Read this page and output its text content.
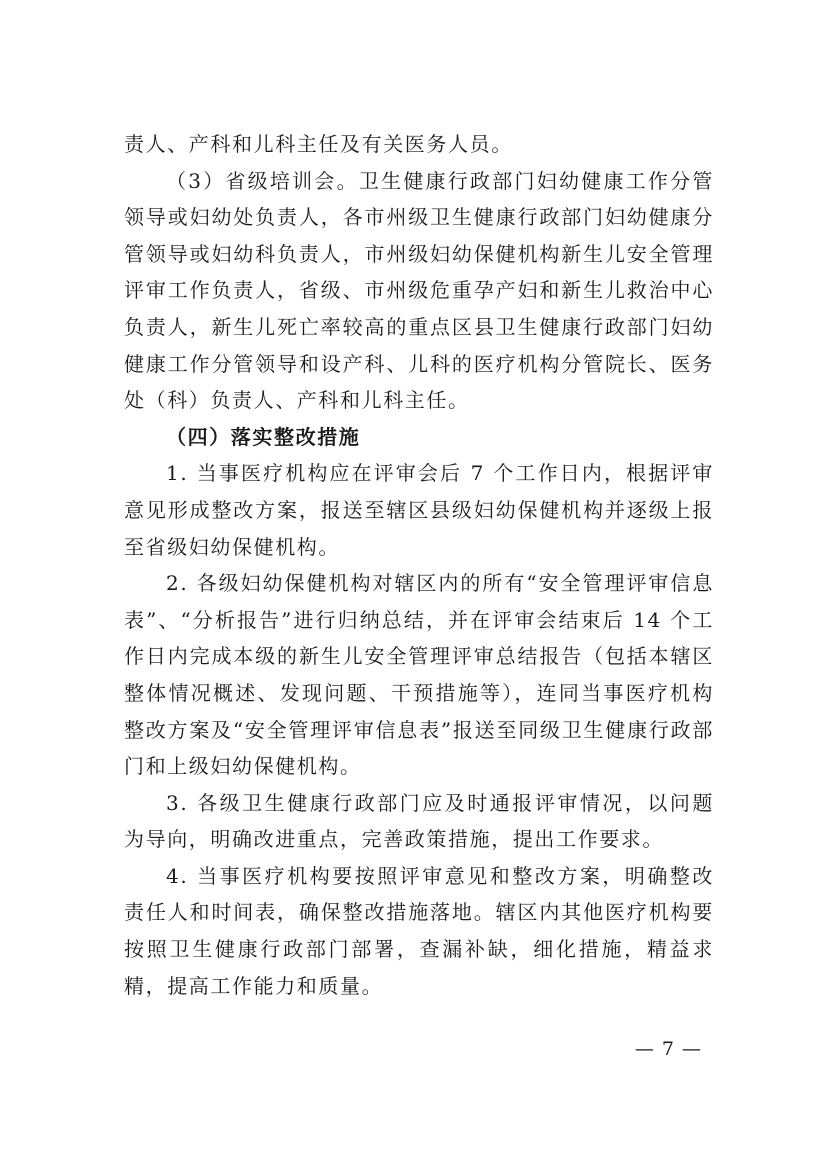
责人、产科和儿科主任及有关医务人员。

（3）省级培训会。卫生健康行政部门妇幼健康工作分管领导或妇幼处负责人，各市州级卫生健康行政部门妇幼健康分管领导或妇幼科负责人，市州级妇幼保健机构新生儿安全管理评审工作负责人，省级、市州级危重孕产妇和新生儿救治中心负责人，新生儿死亡率较高的重点区县卫生健康行政部门妇幼健康工作分管领导和设产科、儿科的医疗机构分管院长、医务处（科）负责人、产科和儿科主任。

（四）落实整改措施

1. 当事医疗机构应在评审会后 7 个工作日内，根据评审意见形成整改方案，报送至辖区县级妇幼保健机构并逐级上报至省级妇幼保健机构。

2. 各级妇幼保健机构对辖区内的所有“安全管理评审信息表”、“分析报告”进行归纳总结，并在评审会结束后 14 个工作日内完成本级的新生儿安全管理评审总结报告（包括本辖区整体情况概述、发现问题、干预措施等），连同当事医疗机构整改方案及“安全管理评审信息表”报送至同级卫生健康行政部门和上级妇幼保健机构。

3. 各级卫生健康行政部门应及时通报评审情况，以问题为导向，明确改进重点，完善政策措施，提出工作要求。

4. 当事医疗机构要按照评审意见和整改方案，明确整改责任人和时间表，确保整改措施落地。辖区内其他医疗机构要按照卫生健康行政部门部署，查漏补缺，细化措施，精益求精，提高工作能力和质量。

— 7 —
